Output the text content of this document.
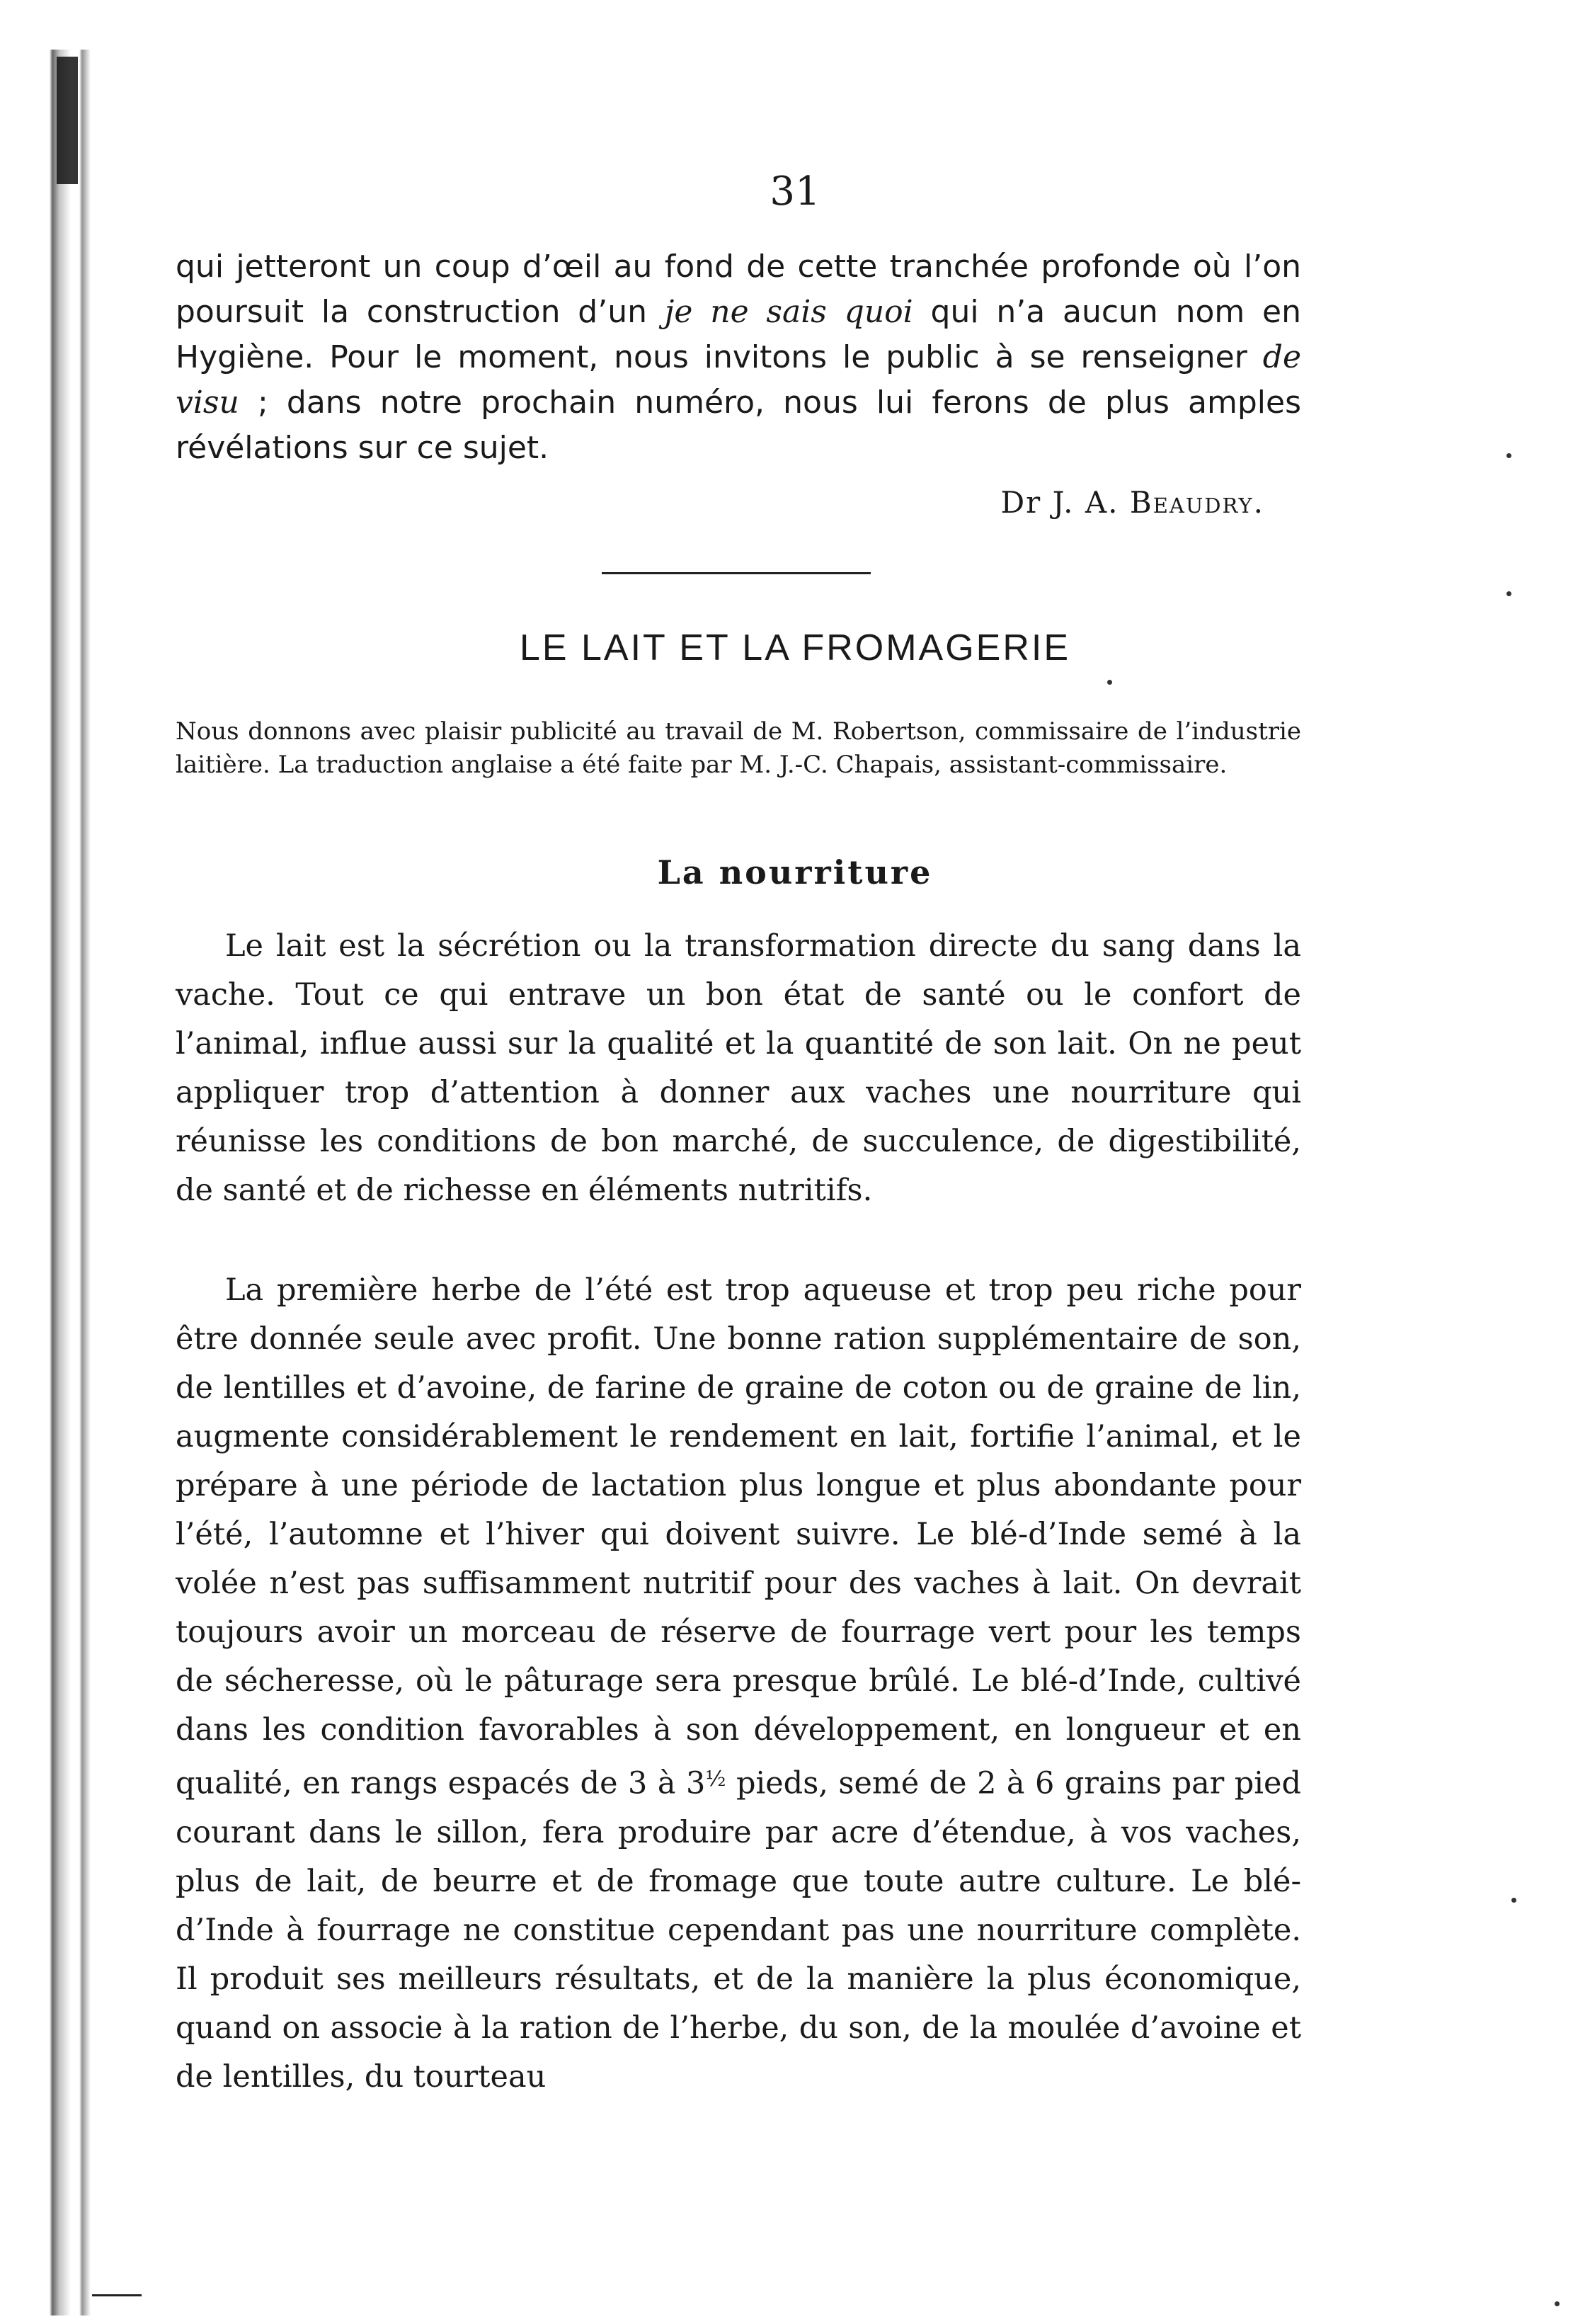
31

qui jetteront un coup d’œil au fond de cette tranchée profonde où l’on poursuit la construction d’un je ne sais quoi qui n’a aucun nom en Hygiène. Pour le moment, nous invitons le public à se renseigner de visu ; dans notre prochain numéro, nous lui ferons de plus amples révélations sur ce sujet.

Dr J. A. Beaudry.
LE LAIT ET LA FROMAGERIE

Nous donnons avec plaisir publicité au travail de M. Robertson, commissaire de l’industrie laitière. La traduction anglaise a été faite par M. J.-C. Chapais, assistant-commissaire.

La nourriture

Le lait est la sécrétion ou la transformation directe du sang dans la vache. Tout ce qui entrave un bon état de santé ou le confort de l’animal, influe aussi sur la qualité et la quantité de son lait. On ne peut appliquer trop d’attention à donner aux vaches une nourriture qui réunisse les conditions de bon marché, de succulence, de digestibilité, de santé et de richesse en éléments nutritifs.

La première herbe de l’été est trop aqueuse et trop peu riche pour être donnée seule avec profit. Une bonne ration supplémentaire de son, de lentilles et d’avoine, de farine de graine de coton ou de graine de lin, augmente considérablement le rendement en lait, fortifie l’animal, et le prépare à une période de lactation plus longue et plus abondante pour l’été, l’automne et l’hiver qui doivent suivre. Le blé-d’Inde semé à la volée n’est pas suffisamment nutritif pour des vaches à lait. On devrait toujours avoir un morceau de réserve de fourrage vert pour les temps de sécheresse, où le pâturage sera presque brûlé. Le blé-d’Inde, cultivé dans les condition favorables à son développement, en longueur et en qualité, en rangs espacés de 3 à $3^{\frac{1}{2}}$ pieds, semé de 2 à 6 grains par pied courant dans le sillon, fera produire par acre d’étendue, à vos vaches, plus de lait, de beurre et de fromage que toute autre culture. Le blé-d’Inde à fourrage ne constitue cependant pas une nourriture complète. Il produit ses meilleurs résultats, et de la manière la plus économique, quand on associe à la ration de l’herbe, du son, de la moulée d’avoine et de lentilles, du tourteau
